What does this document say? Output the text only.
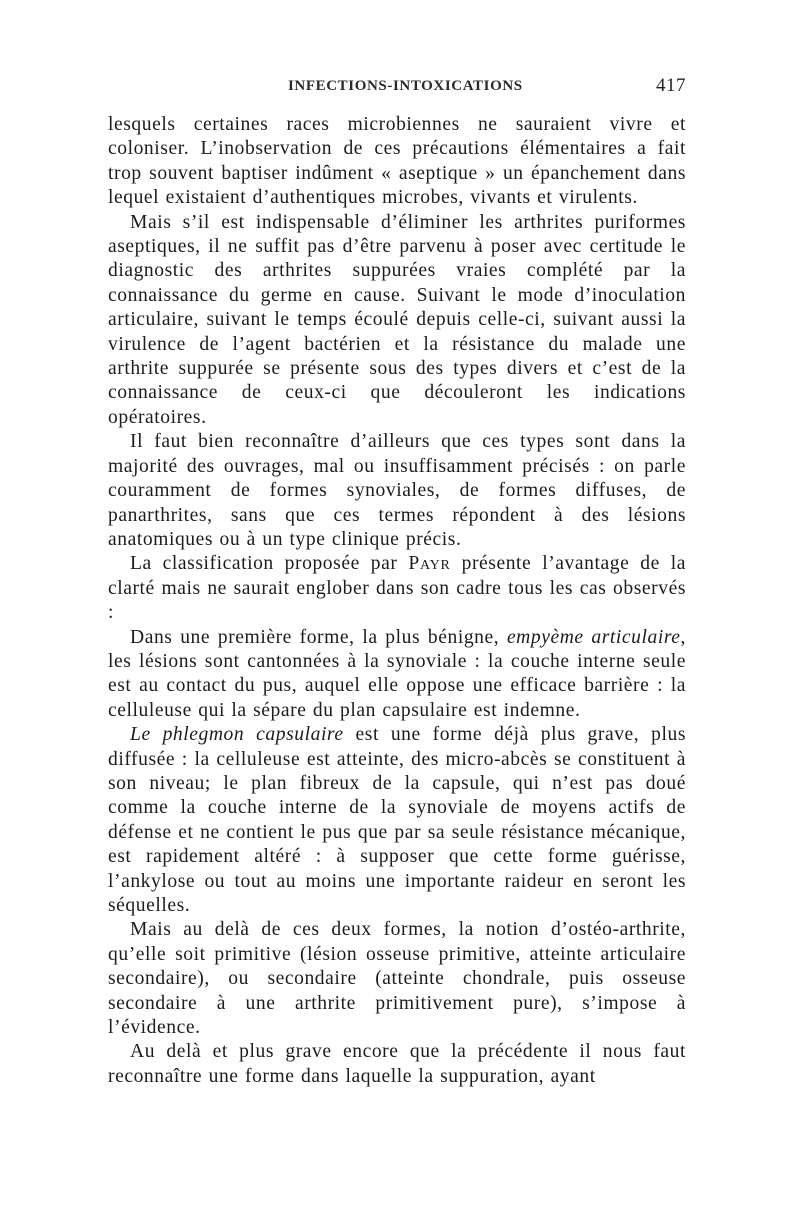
INFECTIONS-INTOXICATIONS	417

lesquels certaines races microbiennes ne sauraient vivre et coloniser. L’inobservation de ces précautions élémentaires a fait trop souvent baptiser indûment « aseptique » un épanchement dans lequel existaient d’authentiques microbes, vivants et virulents.

Mais s’il est indispensable d’éliminer les arthrites puriformes aseptiques, il ne suffit pas d’être parvenu à poser avec certitude le diagnostic des arthrites suppurées vraies complété par la connaissance du germe en cause. Suivant le mode d’inoculation articulaire, suivant le temps écoulé depuis celle-ci, suivant aussi la virulence de l’agent bactérien et la résistance du malade une arthrite suppurée se présente sous des types divers et c’est de la connaissance de ceux-ci que découleront les indications opératoires.

Il faut bien reconnaître d’ailleurs que ces types sont dans la majorité des ouvrages, mal ou insuffisamment précisés : on parle couramment de formes synoviales, de formes diffuses, de panarthrites, sans que ces termes répondent à des lésions anatomiques ou à un type clinique précis.

La classification proposée par Payr présente l’avantage de la clarté mais ne saurait englober dans son cadre tous les cas observés :

Dans une première forme, la plus bénigne, empyème articulaire, les lésions sont cantonnées à la synoviale : la couche interne seule est au contact du pus, auquel elle oppose une efficace barrière : la celluleuse qui la sépare du plan capsulaire est indemne.

Le phlegmon capsulaire est une forme déjà plus grave, plus diffusée : la celluleuse est atteinte, des micro-abcès se constituent à son niveau; le plan fibreux de la capsule, qui n’est pas doué comme la couche interne de la synoviale de moyens actifs de défense et ne contient le pus que par sa seule résistance mécanique, est rapidement altéré : à supposer que cette forme guérisse, l’ankylose ou tout au moins une importante raideur en seront les séquelles.

Mais au delà de ces deux formes, la notion d’ostéo-arthrite, qu’elle soit primitive (lésion osseuse primitive, atteinte articulaire secondaire), ou secondaire (atteinte chondrale, puis osseuse secondaire à une arthrite primitivement pure), s’impose à l’évidence.

Au delà et plus grave encore que la précédente il nous faut reconnaître une forme dans laquelle la suppuration, ayant
